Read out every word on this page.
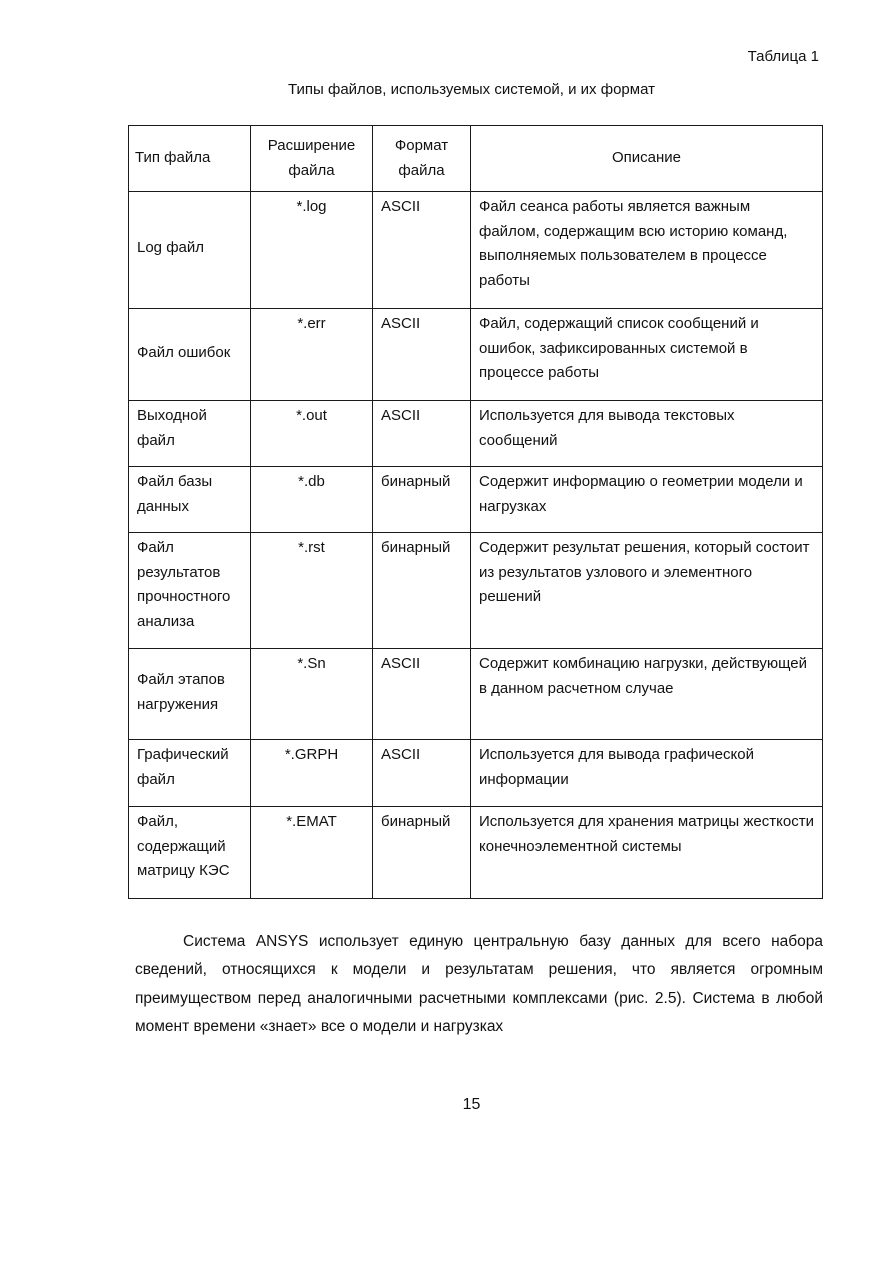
Таблица 1
Типы файлов, используемых системой, и их формат
Тип файла	Расширение файла	Формат файла	Описание
Log файл	*.log	ASCII	Файл сеанса работы является важным файлом, содержащим всю историю команд, выполняемых пользователем в процессе работы
Файл ошибок	*.err	ASCII	Файл, содержащий список сообщений и ошибок, зафиксированных системой в процессе работы
Выходной файл	*.out	ASCII	Используется для вывода текстовых сообщений
Файл базы данных	*.db	бинарный	Содержит информацию о геометрии модели и нагрузках
Файл результатов прочностного анализа	*.rst	бинарный	Содержит результат решения, который состоит из результатов узлового и элементного решений
Файл этапов нагружения	*.Sn	ASCII	Содержит комбинацию нагрузки, действующей в данном расчетном случае
Графический файл	*.GRPH	ASCII	Используется для вывода графической информации
Файл, содержащий матрицу КЭС	*.EMAT	бинарный	Используется для хранения матрицы жесткости конечноэлементной системы

Система ANSYS использует единую центральную базу данных для всего набора сведений, относящихся к модели и результатам решения, что является огромным преимуществом перед аналогичными расчетными комплексами (рис. 2.5). Система в любой момент времени «знает» все о модели и нагрузках

15
